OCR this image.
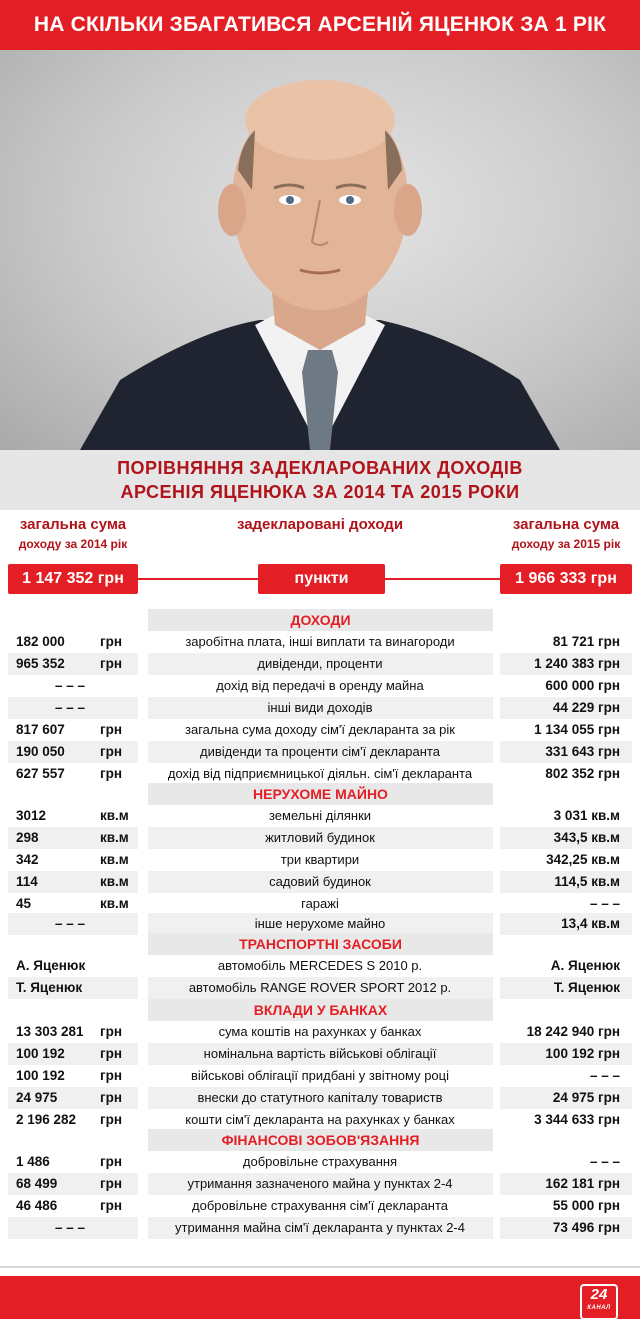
НА СКІЛЬКИ ЗБАГАТИВСЯ АРСЕНІЙ ЯЦЕНЮК ЗА 1 РІК
ПОРІВНЯННЯ ЗАДЕКЛАРОВАНИХ ДОХОДІВ
АРСЕНІЯ ЯЦЕНЮКА ЗА 2014 ТА 2015 РОКИ
загальна сума
доходу за 2014 рік
задекларовані доходи	загальна сума
доходу за 2015 рік
1 147 352 грн	пункти	1 966 333 грн
ДОХОДИ
182 000	грн	заробітна плата, інші виплати та винагороди	81 721 грн
965 352	грн	дивіденди, проценти	1 240 383 грн
– – –	дохід від передачі в оренду майна	600 000 грн
– – –	інші види доходів	44 229 грн
817 607	грн	загальна сума доходу сім'ї декларанта за рік	1 134 055 грн
190 050	грн	дивіденди та проценти сім'ї декларанта	331 643 грн
627 557	грн	дохід від підприємницької діяльн. сім'ї декларанта	802 352 грн
НЕРУХОМЕ МАЙНО
3012	кв.м	земельні ділянки	3 031 кв.м
298	кв.м	житловий будинок	343,5 кв.м
342	кв.м	три квартири	342,25 кв.м
114	кв.м	садовий будинок	114,5 кв.м
45	кв.м	гаражі	– – –
– – –	інше нерухоме майно	13,4 кв.м
ТРАНСПОРТНІ ЗАСОБИ
А. Яценюк	автомобіль MERCEDES S 2010 р.	А. Яценюк
Т. Яценюк	автомобіль RANGE ROVER SPORT 2012 р.	Т. Яценюк
ВКЛАДИ У БАНКАХ
13 303 281 грн	сума коштів на рахунках у банках	18 242 940 грн
100 192	грн	номінальна вартість військові облігації	100 192 грн
100 192	грн	військові облігації придбані у звітному році	– – –
24 975	грн	внески до статутного капіталу товариств	24 975 грн
2 196 282 грн	кошти сім'ї декларанта на рахунках у банках	3 344 633 грн
ФІНАНСОВІ ЗОБОВ'ЯЗАННЯ
1 486	грн	добровільне страхування	– – –
68 499	грн	утримання зазначеного майна у пунктах 2-4	162 181 грн
46 486	грн	добровільне страхування сім'ї декларанта	55 000 грн
– – –	утримання майна сім'ї декларанта у пунктах 2-4	73 496 грн
24
КАНАЛ
